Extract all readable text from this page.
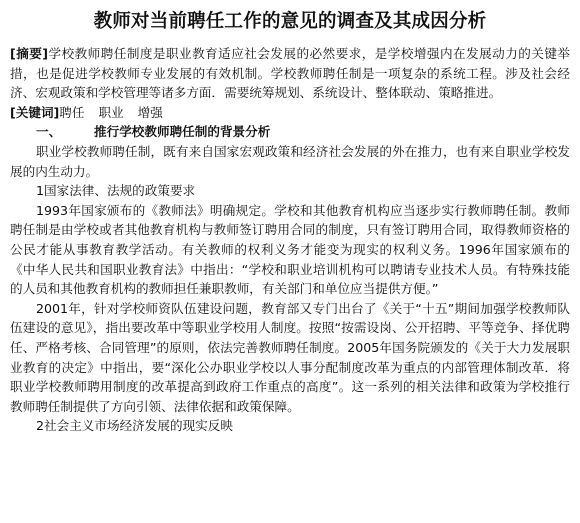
教师对当前聘任工作的意见的调查及其成因分析

[摘要]学校教师聘任制度是职业教育适应社会发展的必然要求，是学校增强内在发展动力的关键举措，也是促进学校教师专业发展的有效机制。学校教师聘任制是一项复杂的系统工程。涉及社会经济、宏观政策和学校管理等诸多方面．需要统筹规划、系统设计、整体联动、策略推进。

[关键词]聘任 职业 增强

一、	推行学校教师聘任制的背景分析

职业学校教师聘任制，既有来自国家宏观政策和经济社会发展的外在推力，也有来自职业学校发展的内生动力。

1国家法律、法规的政策要求

1993年国家颁布的《教师法》明确规定。学校和其他教育机构应当逐步实行教师聘任制。教师聘任制是由学校或者其他教育机构与教师签订聘用合同的制度，只有签订聘用合同，取得教师资格的公民才能从事教育教学活动。有关教师的权利义务才能变为现实的权利义务。1996年国家颁布的《中华人民共和国职业教育法》中指出：“学校和职业培训机构可以聘请专业技术人员。有特殊技能的人员和其他教育机构的教师担任兼职教师，有关部门和单位应当提供方便。”

2001年，针对学校师资队伍建设问题，教育部又专门出台了《关于“十五”期间加强学校教师队伍建设的意见》，指出要改革中等职业学校用人制度。按照“按需设岗、公开招聘、平等竞争、择优聘任、严格考核、合同管理”的原则，依法完善教师聘任制度。2005年国务院颁发的《关于大力发展职业教育的决定》中指出，要“深化公办职业学校以人事分配制度改革为重点的内部管理体制改革．将职业学校教师聘用制度的改革提高到政府工作重点的高度”。这一系列的相关法律和政策为学校推行教师聘任制提供了方向引领、法律依据和政策保障。

2社会主义市场经济发展的现实反映
